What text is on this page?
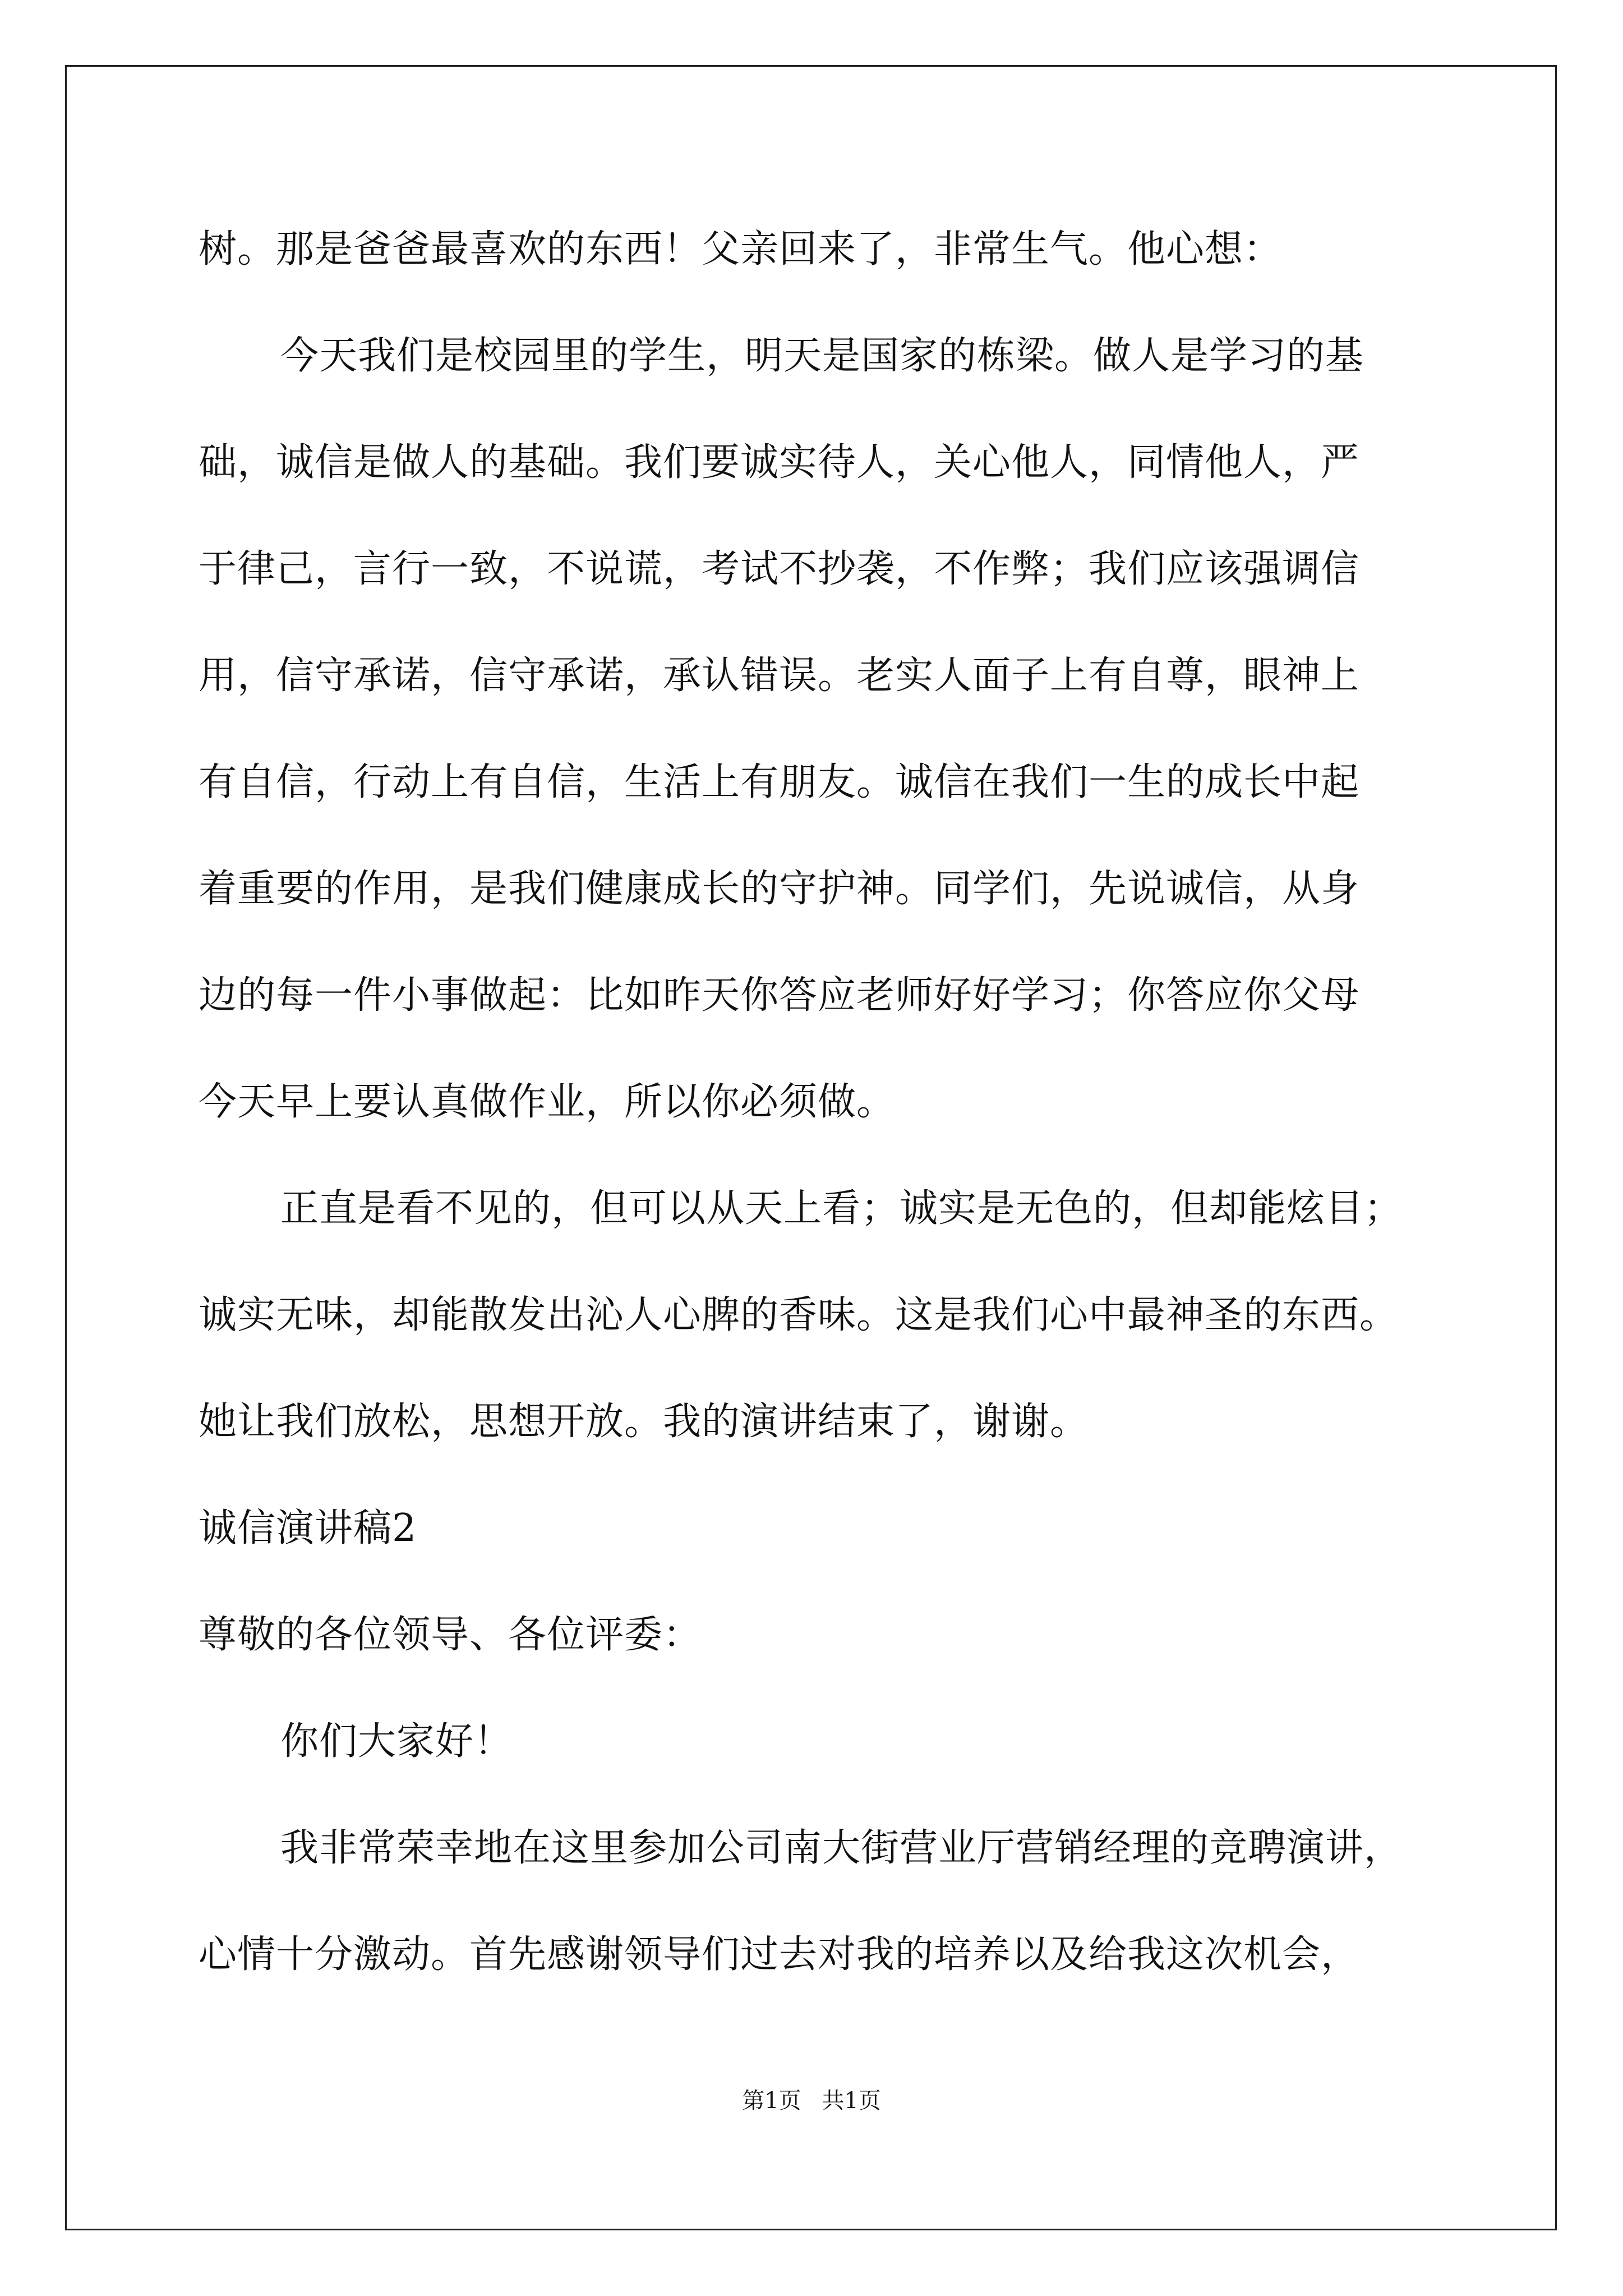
树。那是爸爸最喜欢的东西！父亲回来了，非常生气。他心想：
今天我们是校园里的学生，明天是国家的栋梁。做人是学习的基
础，诚信是做人的基础。我们要诚实待人，关心他人，同情他人，严
于律己，言行一致，不说谎，考试不抄袭，不作弊；我们应该强调信
用，信守承诺，信守承诺，承认错误。老实人面子上有自尊，眼神上
有自信，行动上有自信，生活上有朋友。诚信在我们一生的成长中起
着重要的作用，是我们健康成长的守护神。同学们，先说诚信，从身
边的每一件小事做起：比如昨天你答应老师好好学习；你答应你父母
今天早上要认真做作业，所以你必须做。
正直是看不见的，但可以从天上看；诚实是无色的，但却能炫目；
诚实无味，却能散发出沁人心脾的香味。这是我们心中最神圣的东西。
她让我们放松，思想开放。我的演讲结束了，谢谢。
诚信演讲稿2
尊敬的各位领导、各位评委：
你们大家好！
我非常荣幸地在这里参加公司南大街营业厅营销经理的竞聘演讲，
心情十分激动。首先感谢领导们过去对我的培养以及给我这次机会，
第1页 共1页
